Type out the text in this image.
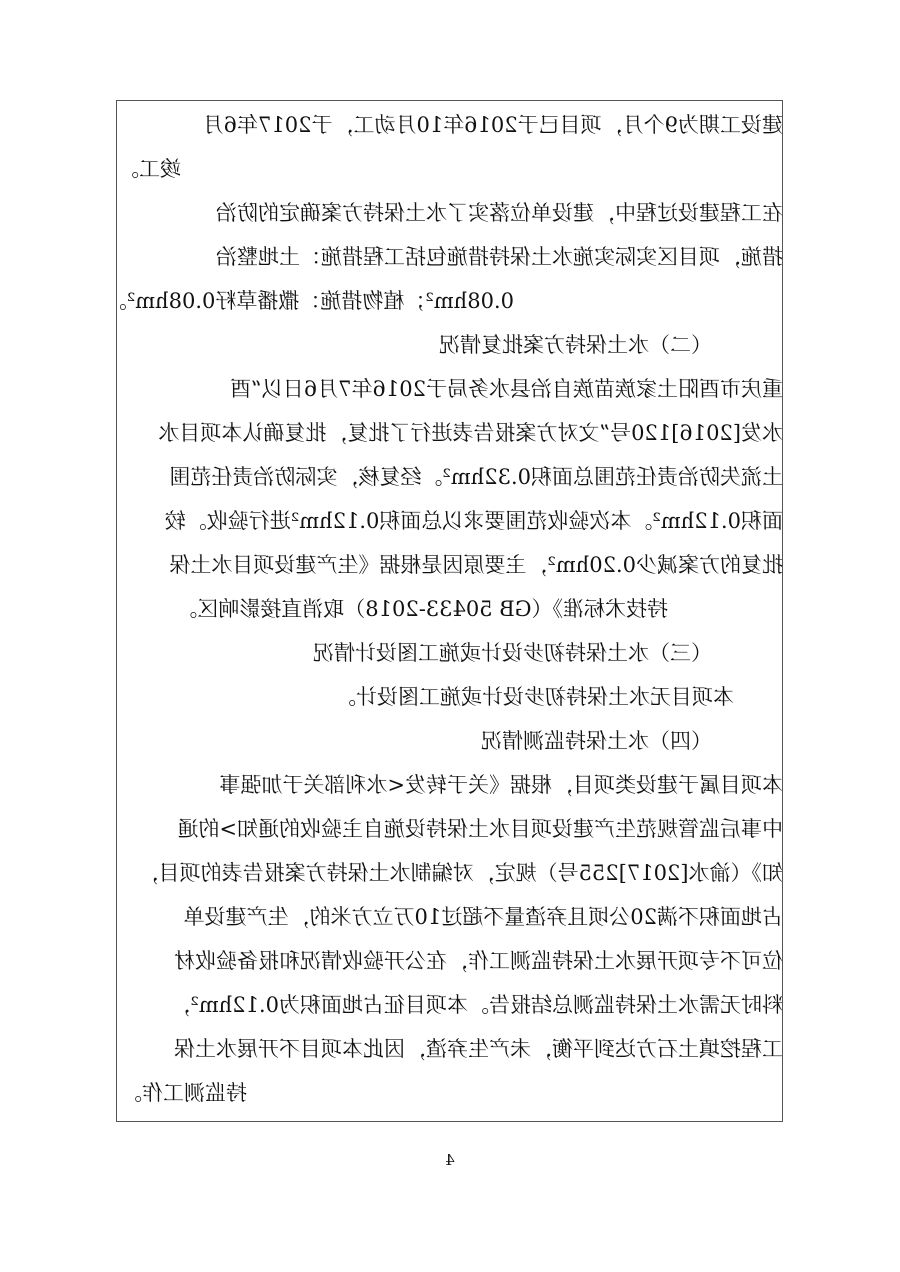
建设工期为9个月，项目已于2016年10月动工，于2017年6月
竣工。
在工程建设过程中，建设单位落实了水土保持方案确定的防治
措施，项目区实际实施水土保持措施包括工程措施：土地整治
0.08hm²；植物措施：撒播草籽0.08hm²。
（二）水土保持方案批复情况
重庆市酉阳土家族苗族自治县水务局于2016年7月6日以“酉
水发[2016]120号”文对方案报告表进行了批复，批复确认本项目水
土流失防治责任范围总面积0.32hm²。经复核，实际防治责任范围
面积0.12hm²。本次验收范围要求以总面积0.12hm²进行验收。较
批复的方案减少0.20hm²，主要原因是根据《生产建设项目水土保
持技术标准》（GB 50433-2018）取消直接影响区。
（三）水土保持初步设计或施工图设计情况
本项目无水土保持初步设计或施工图设计。
（四）水土保持监测情况
本项目属于建设类项目，根据《关于转发<水利部关于加强事
中事后监管规范生产建设项目水土保持设施自主验收的通知>的通
知》（渝水[2017]255号）规定，对编制水土保持方案报告表的项目，
占地面积不满20公顷且弃渣量不超过10万立方米的，生产建设单
位可不专项开展水土保持监测工作，在公开验收情况和报备验收材
料时无需水土保持监测总结报告。本项目征占地面积为0.12hm²，
工程挖填土石方达到平衡，未产生弃渣，因此本项目不开展水土保
持监测工作。
4
